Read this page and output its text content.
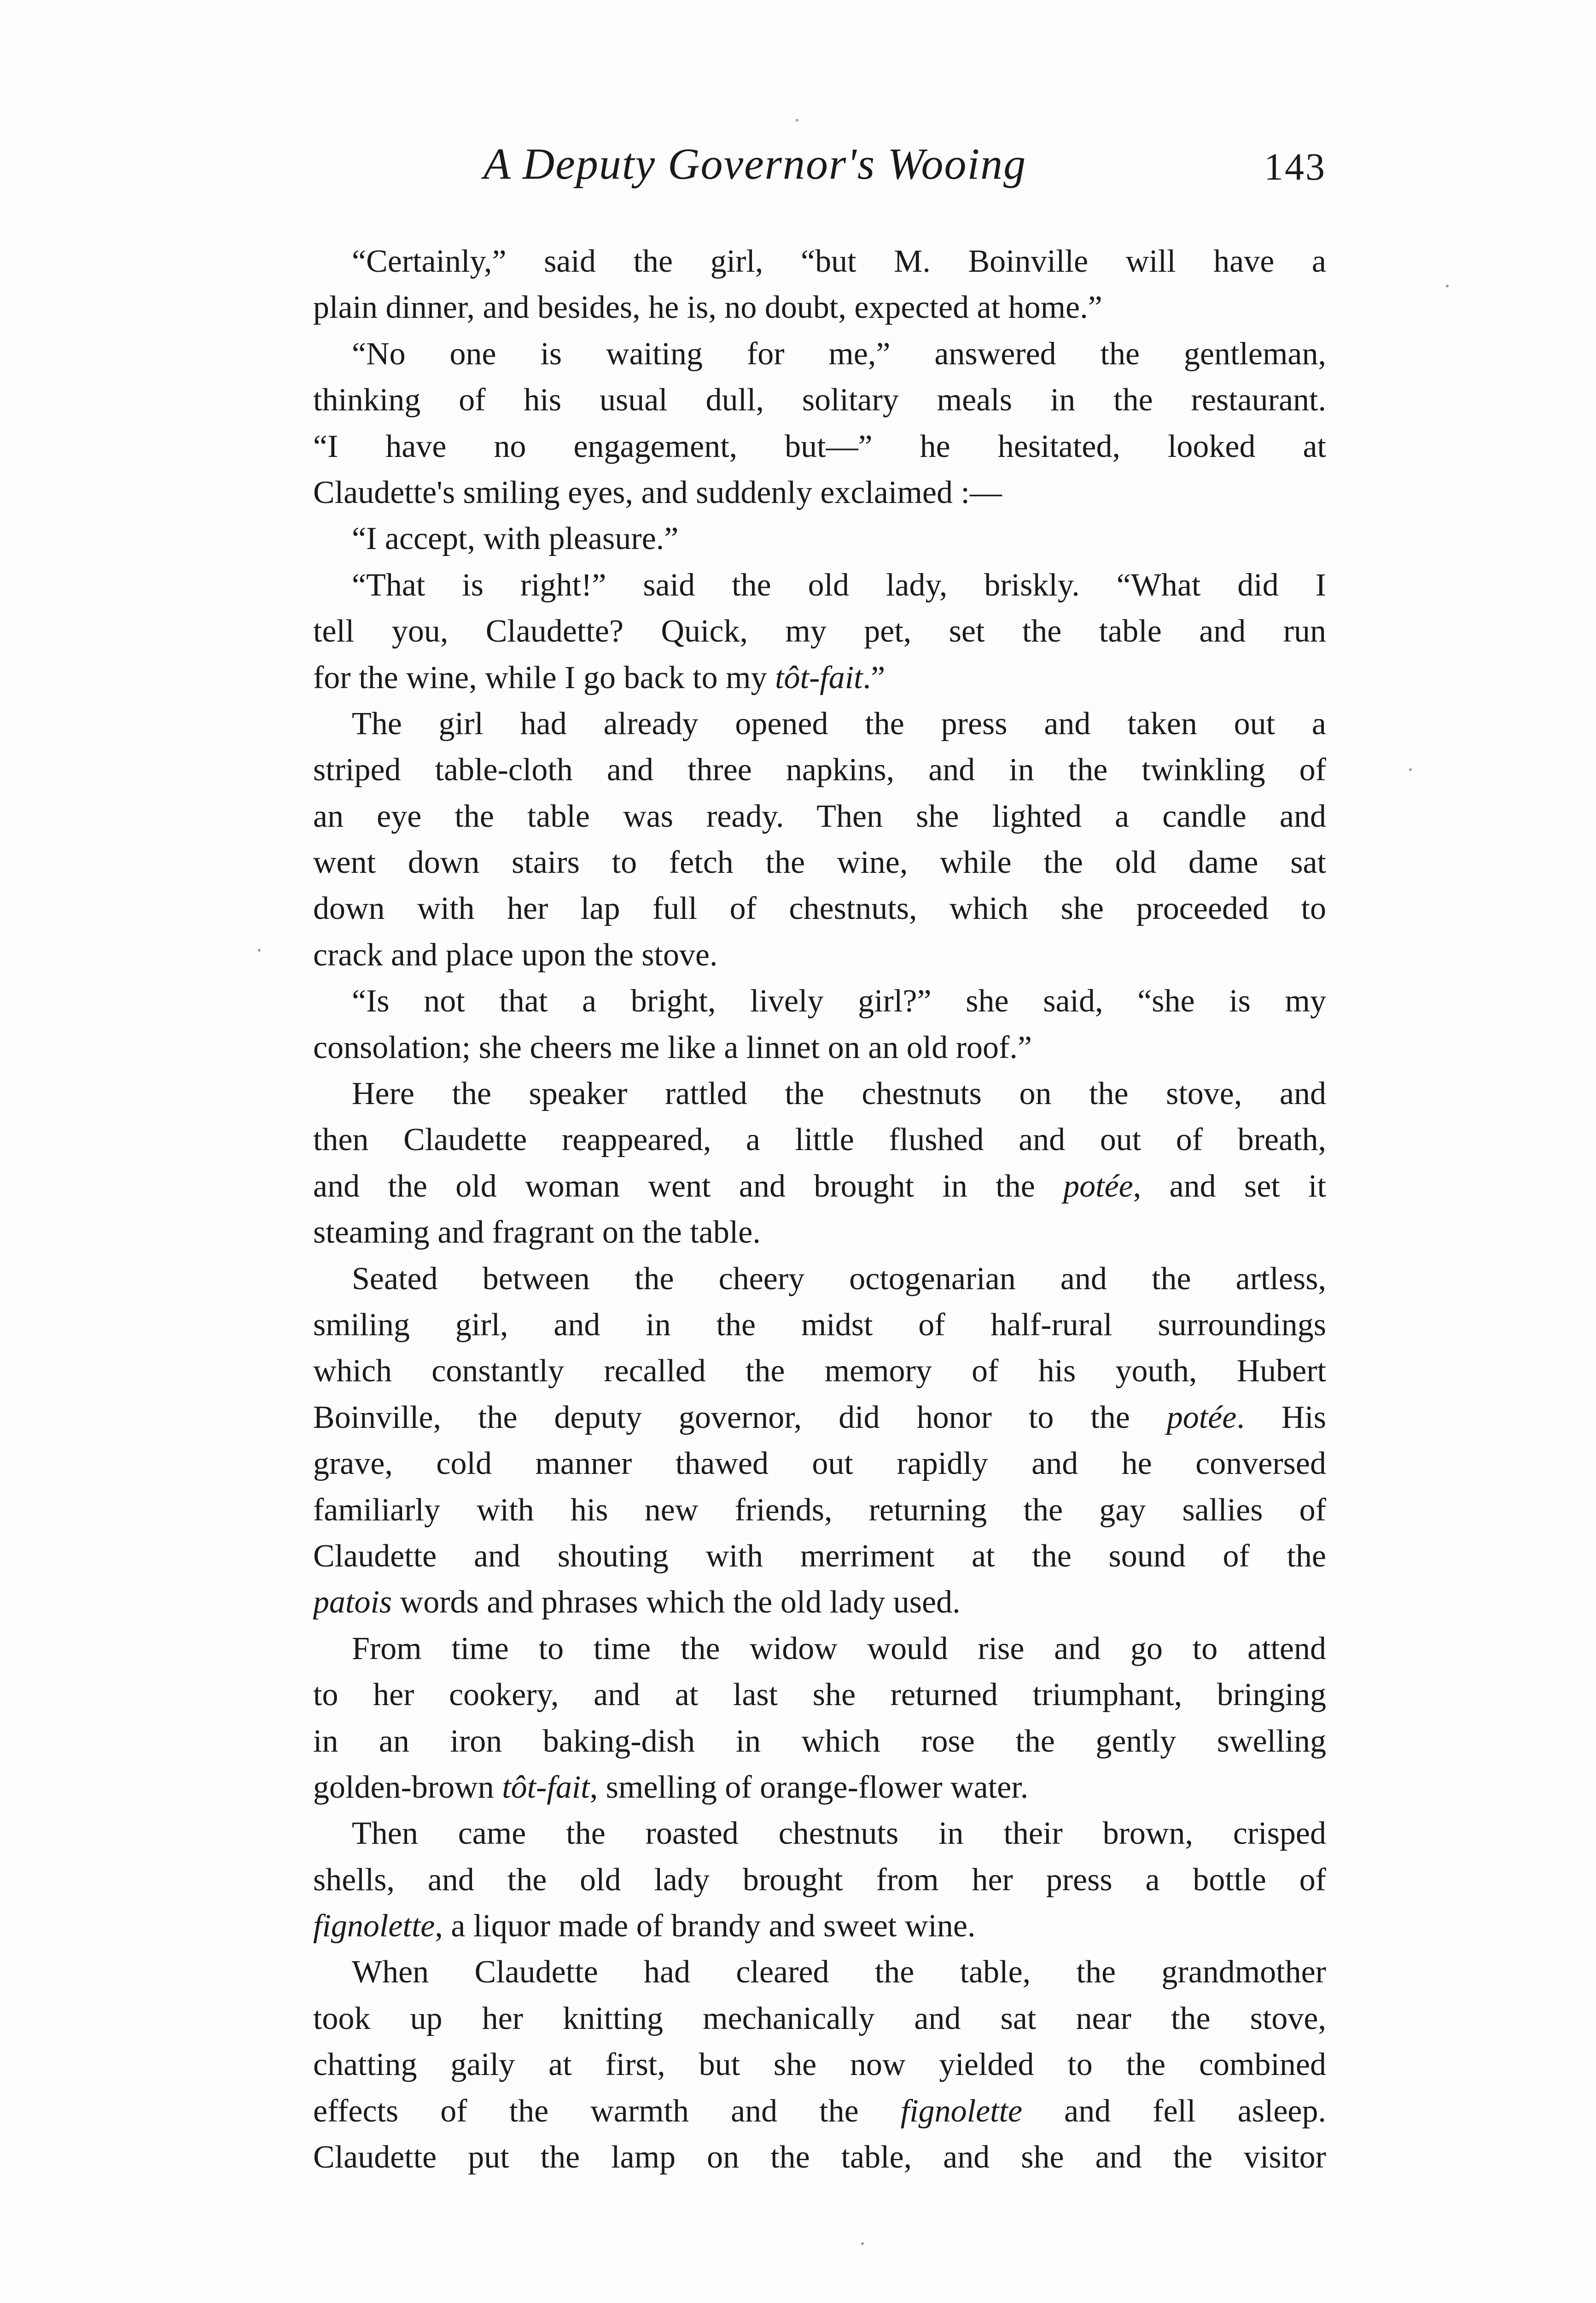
A Deputy Governor's Wooing	143
“Certainly,” said the girl, “but M. Boinville will have a
plain dinner, and besides, he is, no doubt, expected at home.”
“No one is waiting for me,” answered the gentleman,
thinking of his usual dull, solitary meals in the restaurant.
“I have no engagement, but—” he hesitated, looked at
Claudette's smiling eyes, and suddenly exclaimed :—
“I accept, with pleasure.”
“That is right!” said the old lady, briskly. “What did I
tell you, Claudette? Quick, my pet, set the table and run
for the wine, while I go back to my tôt-fait.”
The girl had already opened the press and taken out a
striped table-cloth and three napkins, and in the twinkling of
an eye the table was ready. Then she lighted a candle and
went down stairs to fetch the wine, while the old dame sat
down with her lap full of chestnuts, which she proceeded to
crack and place upon the stove.
“Is not that a bright, lively girl?” she said, “she is my
consolation; she cheers me like a linnet on an old roof.”
Here the speaker rattled the chestnuts on the stove, and
then Claudette reappeared, a little flushed and out of breath,
and the old woman went and brought in the potée, and set it
steaming and fragrant on the table.
Seated between the cheery octogenarian and the artless,
smiling girl, and in the midst of half-rural surroundings
which constantly recalled the memory of his youth, Hubert
Boinville, the deputy governor, did honor to the potée. His
grave, cold manner thawed out rapidly and he conversed
familiarly with his new friends, returning the gay sallies of
Claudette and shouting with merriment at the sound of the
patois words and phrases which the old lady used.
From time to time the widow would rise and go to attend
to her cookery, and at last she returned triumphant, bringing
in an iron baking-dish in which rose the gently swelling
golden-brown tôt-fait, smelling of orange-flower water.
Then came the roasted chestnuts in their brown, crisped
shells, and the old lady brought from her press a bottle of
fignolette, a liquor made of brandy and sweet wine.
When Claudette had cleared the table, the grandmother
took up her knitting mechanically and sat near the stove,
chatting gaily at first, but she now yielded to the combined
effects of the warmth and the fignolette and fell asleep.
Claudette put the lamp on the table, and she and the visitor
